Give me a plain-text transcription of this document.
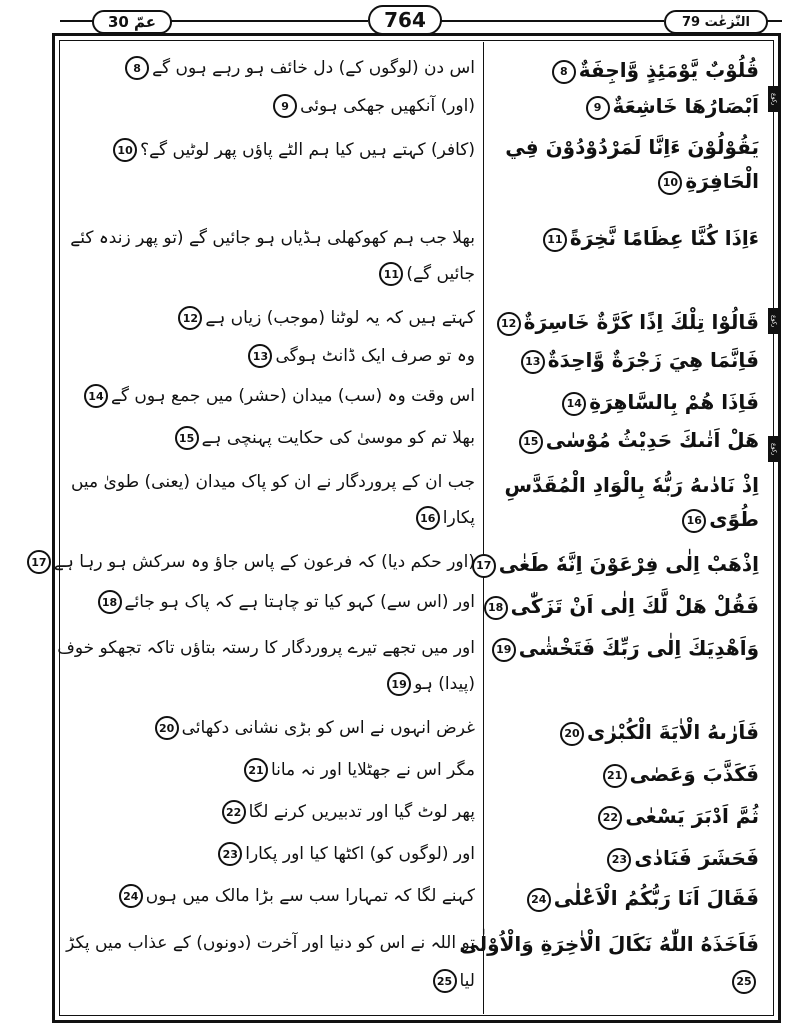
عمّ 30	764	النّٰزعٰت 79
رکوع
رکوع
رکوع
قُلُوْبٌ يَّوْمَئِذٍ وَّاجِفَةٌ8
اَبْصَارُهَا خَاشِعَةٌ9
يَقُوْلُوْنَ ءَاِنَّا لَمَرْدُوْدُوْنَ فِي الْحَافِرَةِ10
ءَاِذَا كُنَّا عِظَامًا نَّخِرَةً11
قَالُوْا تِلْكَ اِذًا كَرَّةٌ خَاسِرَةٌ12
فَاِنَّمَا هِيَ زَجْرَةٌ وَّاحِدَةٌ13
فَاِذَا هُمْ بِالسَّاهِرَةِ14
هَلْ اَتٰىكَ حَدِيْثُ مُوْسٰى15
اِذْ نَادٰىهُ رَبُّهٗ بِالْوَادِ الْمُقَدَّسِ طُوًى16
اِذْهَبْ اِلٰى فِرْعَوْنَ اِنَّهٗ طَغٰى17
فَقُلْ هَلْ لَّكَ اِلٰى اَنْ تَزَكّٰى18
وَاَهْدِيَكَ اِلٰى رَبِّكَ فَتَخْشٰى19
فَاَرٰىهُ الْاٰيَةَ الْكُبْرٰى20
فَكَذَّبَ وَعَصٰى21
ثُمَّ اَدْبَرَ يَسْعٰى22
فَحَشَرَ فَنَادٰى23
فَقَالَ اَنَا رَبُّكُمُ الْاَعْلٰى24
فَاَخَذَهُ اللّٰهُ نَكَالَ الْاٰخِرَةِ وَالْاُوْلٰى25
اس دن (لوگوں کے) دل خائف ہو رہے ہوں گے8
(اور) آنکھیں جھکی ہوئی9
(کافر) کہتے ہیں کیا ہم الٹے پاؤں پھر لوٹیں گے؟10
بھلا جب ہم کھوکھلی ہڈیاں ہو جائیں گے (تو پھر زندہ کئے جائیں گے)11
کہتے ہیں کہ یہ لوٹنا (موجب) زیاں ہے12
وہ تو صرف ایک ڈانٹ ہوگی13
اس وقت وہ (سب) میدان (حشر) میں جمع ہوں گے14
بھلا تم کو موسیٰ کی حکایت پہنچی ہے15
جب ان کے پروردگار نے ان کو پاک میدان (یعنی) طویٰ میں پکارا16
(اور حکم دیا) کہ فرعون کے پاس جاؤ وہ سرکش ہو رہا ہے17
اور (اس سے) کہو کیا تو چاہتا ہے کہ پاک ہو جائے18
اور میں تجھے تیرے پروردگار کا رستہ بتاؤں تاکہ تجھکو خوف (پیدا) ہو19
غرض انہوں نے اس کو بڑی نشانی دکھائی20
مگر اس نے جھٹلایا اور نہ مانا21
پھر لوٹ گیا اور تدبیریں کرنے لگا22
اور (لوگوں کو) اکٹھا کیا اور پکارا23
کہنے لگا کہ تمہارا سب سے بڑا مالک میں ہوں24
تو اللہ نے اس کو دنیا اور آخرت (دونوں) کے عذاب میں پکڑ لیا25
